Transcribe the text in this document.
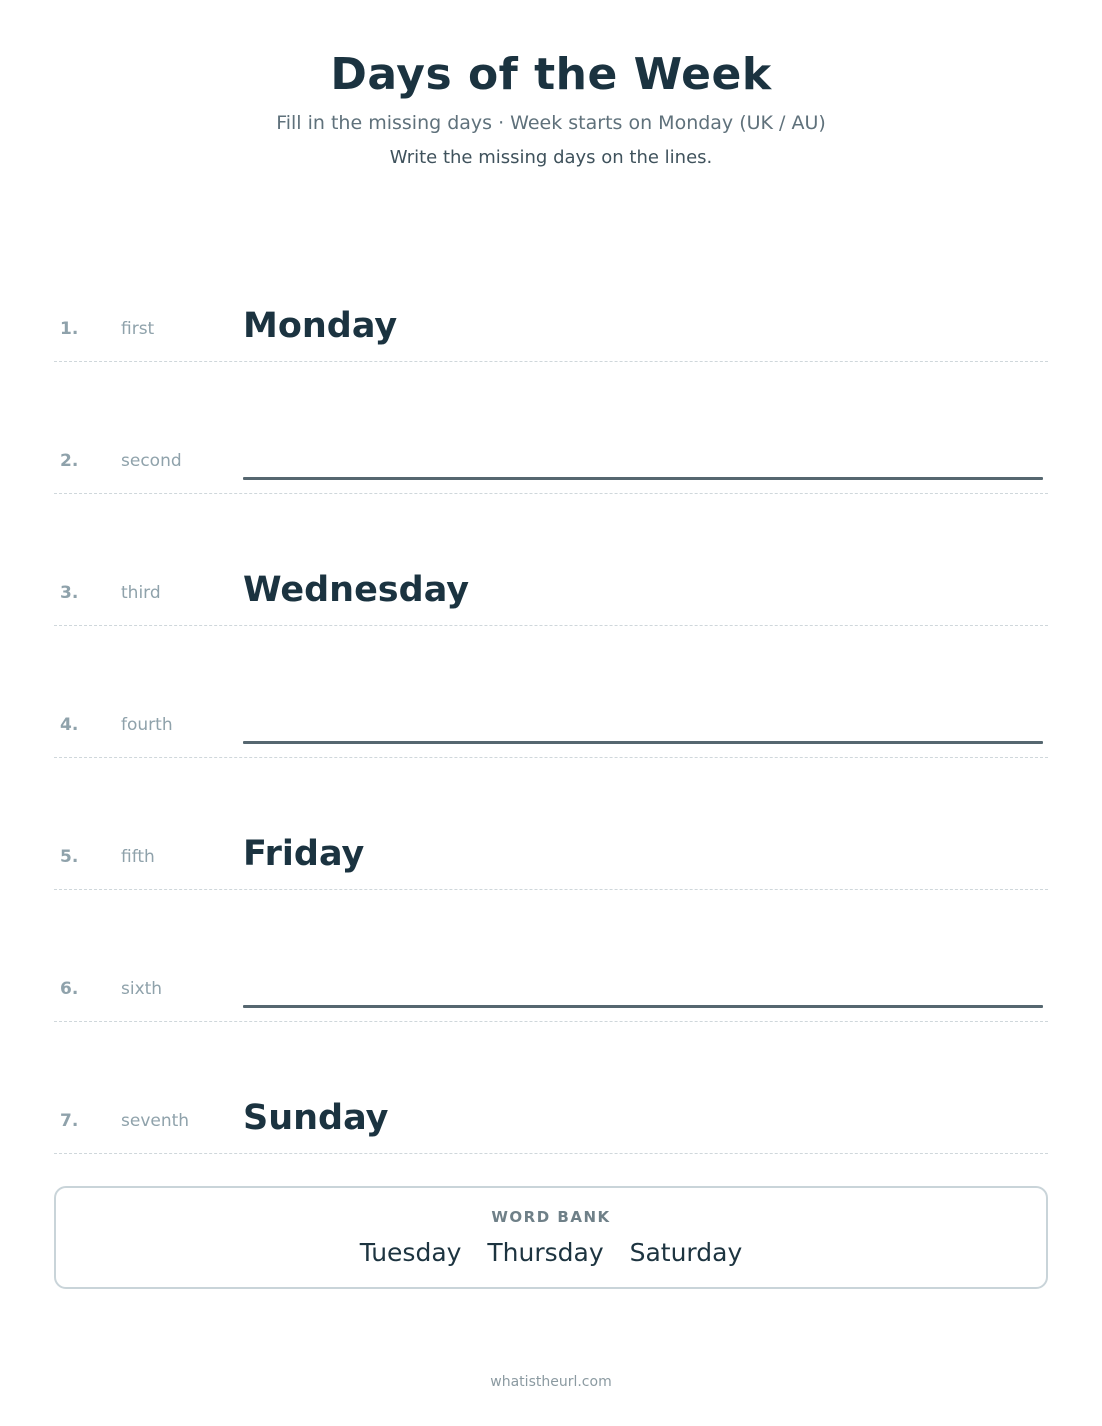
Days of the Week
Fill in the missing days · Week starts on Monday (UK / AU)
Write the missing days on the lines.
1.	first	Monday
2.	second
3.	third Wednesday
4.	fourth
5.	fifth	Friday
6.	sixth
7.	seventh Sunday
WORD BANK
Tuesday Thursday Saturday
whatistheurl.com
